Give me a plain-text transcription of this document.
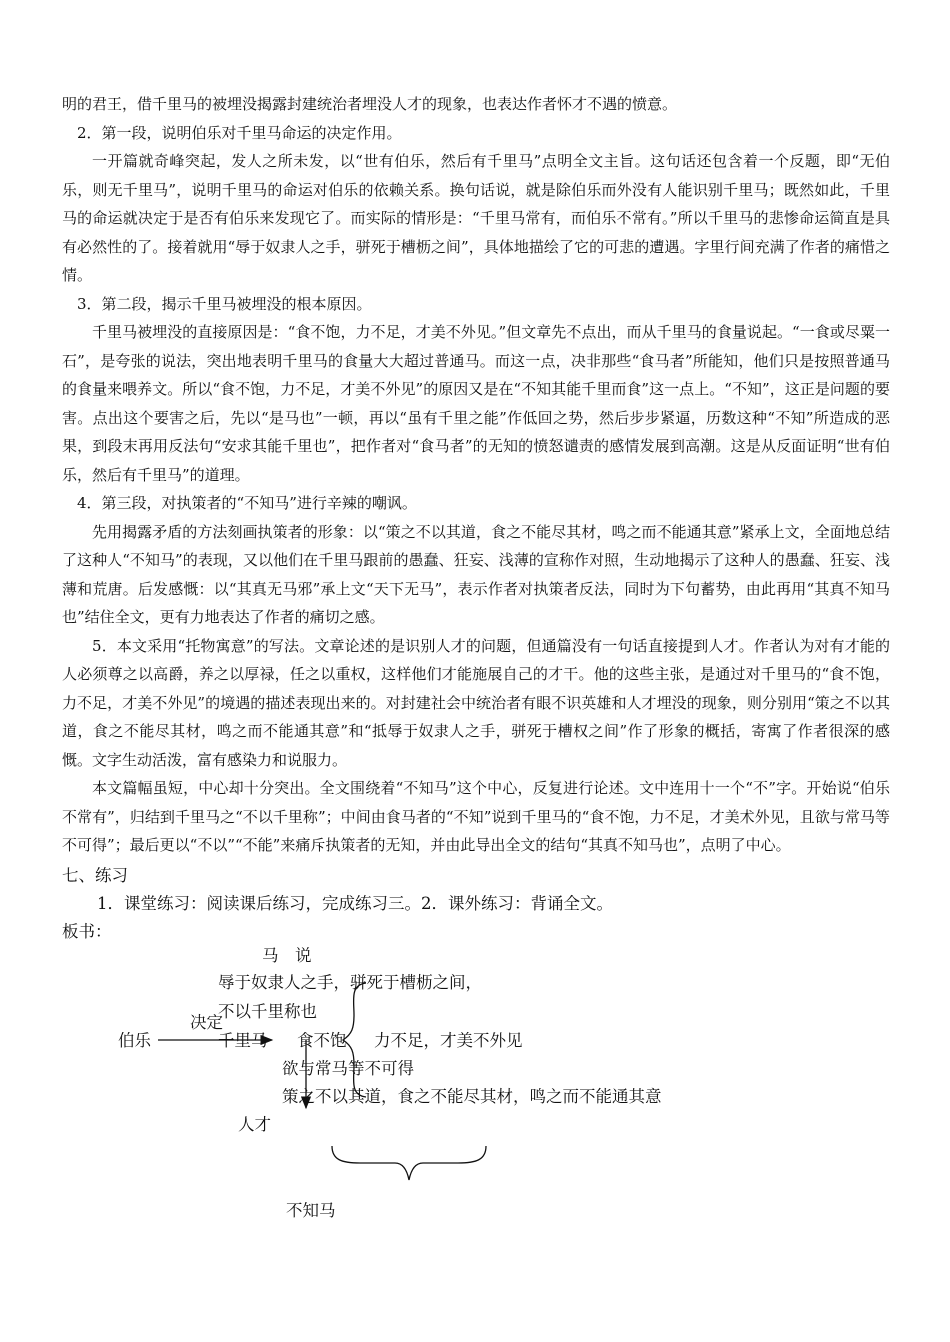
明的君王，借千里马的被埋没揭露封建统治者埋没人才的现象，也表达作者怀才不遇的愤意。

2．第一段，说明伯乐对千里马命运的决定作用。

一开篇就奇峰突起，发人之所未发，以“世有伯乐，然后有千里马”点明全文主旨。这句话还包含着一个反题，即“无伯乐，则无千里马”，说明千里马的命运对伯乐的依赖关系。换句话说，就是除伯乐而外没有人能识别千里马；既然如此，千里马的命运就决定于是否有伯乐来发现它了。而实际的情形是：“千里马常有，而伯乐不常有。”所以千里马的悲惨命运简直是具有必然性的了。接着就用“辱于奴隶人之手，骈死于槽枥之间”，具体地描绘了它的可悲的遭遇。字里行间充满了作者的痛惜之情。

3．第二段，揭示千里马被埋没的根本原因。

千里马被埋没的直接原因是：“食不饱，力不足，才美不外见。”但文章先不点出，而从千里马的食量说起。“一食或尽粟一石”，是夸张的说法，突出地表明千里马的食量大大超过普通马。而这一点，决非那些“食马者”所能知，他们只是按照普通马的食量来喂养文。所以“食不饱，力不足，才美不外见”的原因又是在“不知其能千里而食”这一点上。“不知”，这正是问题的要害。点出这个要害之后，先以“是马也”一顿，再以“虽有千里之能”作低回之势，然后步步紧逼，历数这种“不知”所造成的恶果，到段末再用反法句“安求其能千里也”，把作者对“食马者”的无知的愤怒谴责的感情发展到高潮。这是从反面证明“世有伯乐，然后有千里马”的道理。

4．第三段，对执策者的“不知马”进行辛辣的嘲讽。

先用揭露矛盾的方法刻画执策者的形象：以“策之不以其道，食之不能尽其材，鸣之而不能通其意”紧承上文，全面地总结了这种人“不知马”的表现，又以他们在千里马跟前的愚蠢、狂妄、浅薄的宣称作对照，生动地揭示了这种人的愚蠢、狂妄、浅薄和荒唐。后发感慨：以“其真无马邪”承上文“天下无马”，表示作者对执策者反法，同时为下句蓄势，由此再用“其真不知马也”结住全文，更有力地表达了作者的痛切之感。

5．本文采用“托物寓意”的写法。文章论述的是识别人才的问题，但通篇没有一句话直接提到人才。作者认为对有才能的人必须尊之以高爵，养之以厚禄，任之以重权，这样他们才能施展自己的才干。他的这些主张，是通过对千里马的“食不饱，力不足，才美不外见”的境遇的描述表现出来的。对封建社会中统治者有眼不识英雄和人才埋没的现象，则分别用“策之不以其道，食之不能尽其材，鸣之而不能通其意”和“抵辱于奴隶人之手，骈死于槽权之间”作了形象的概括，寄寓了作者很深的感慨。文字生动活泼，富有感染力和说服力。

本文篇幅虽短，中心却十分突出。全文围绕着“不知马”这个中心，反复进行论述。文中连用十一个“不”字。开始说“伯乐不常有”，归结到千里马之“不以千里称”；中间由食马者的“不知”说到千里马的“食不饱，力不足，才美术外见，且欲与常马等不可得”；最后更以“不以”“不能”来痛斥执策者的无知，并由此导出全文的结句“其真不知马也”，点明了中心。

七、练习

1．课堂练习：阅读课后练习，完成练习三。2．课外练习：背诵全文。

板书：

马　说
辱于奴隶人之手，骈死于槽枥之间，
不以千里称也
决定
伯乐	千里马 食不饱 力不足，才美不外见
欲与常马等不可得
策之不以其道，食之不能尽其材，鸣之而不能通其意
人才
不知马
